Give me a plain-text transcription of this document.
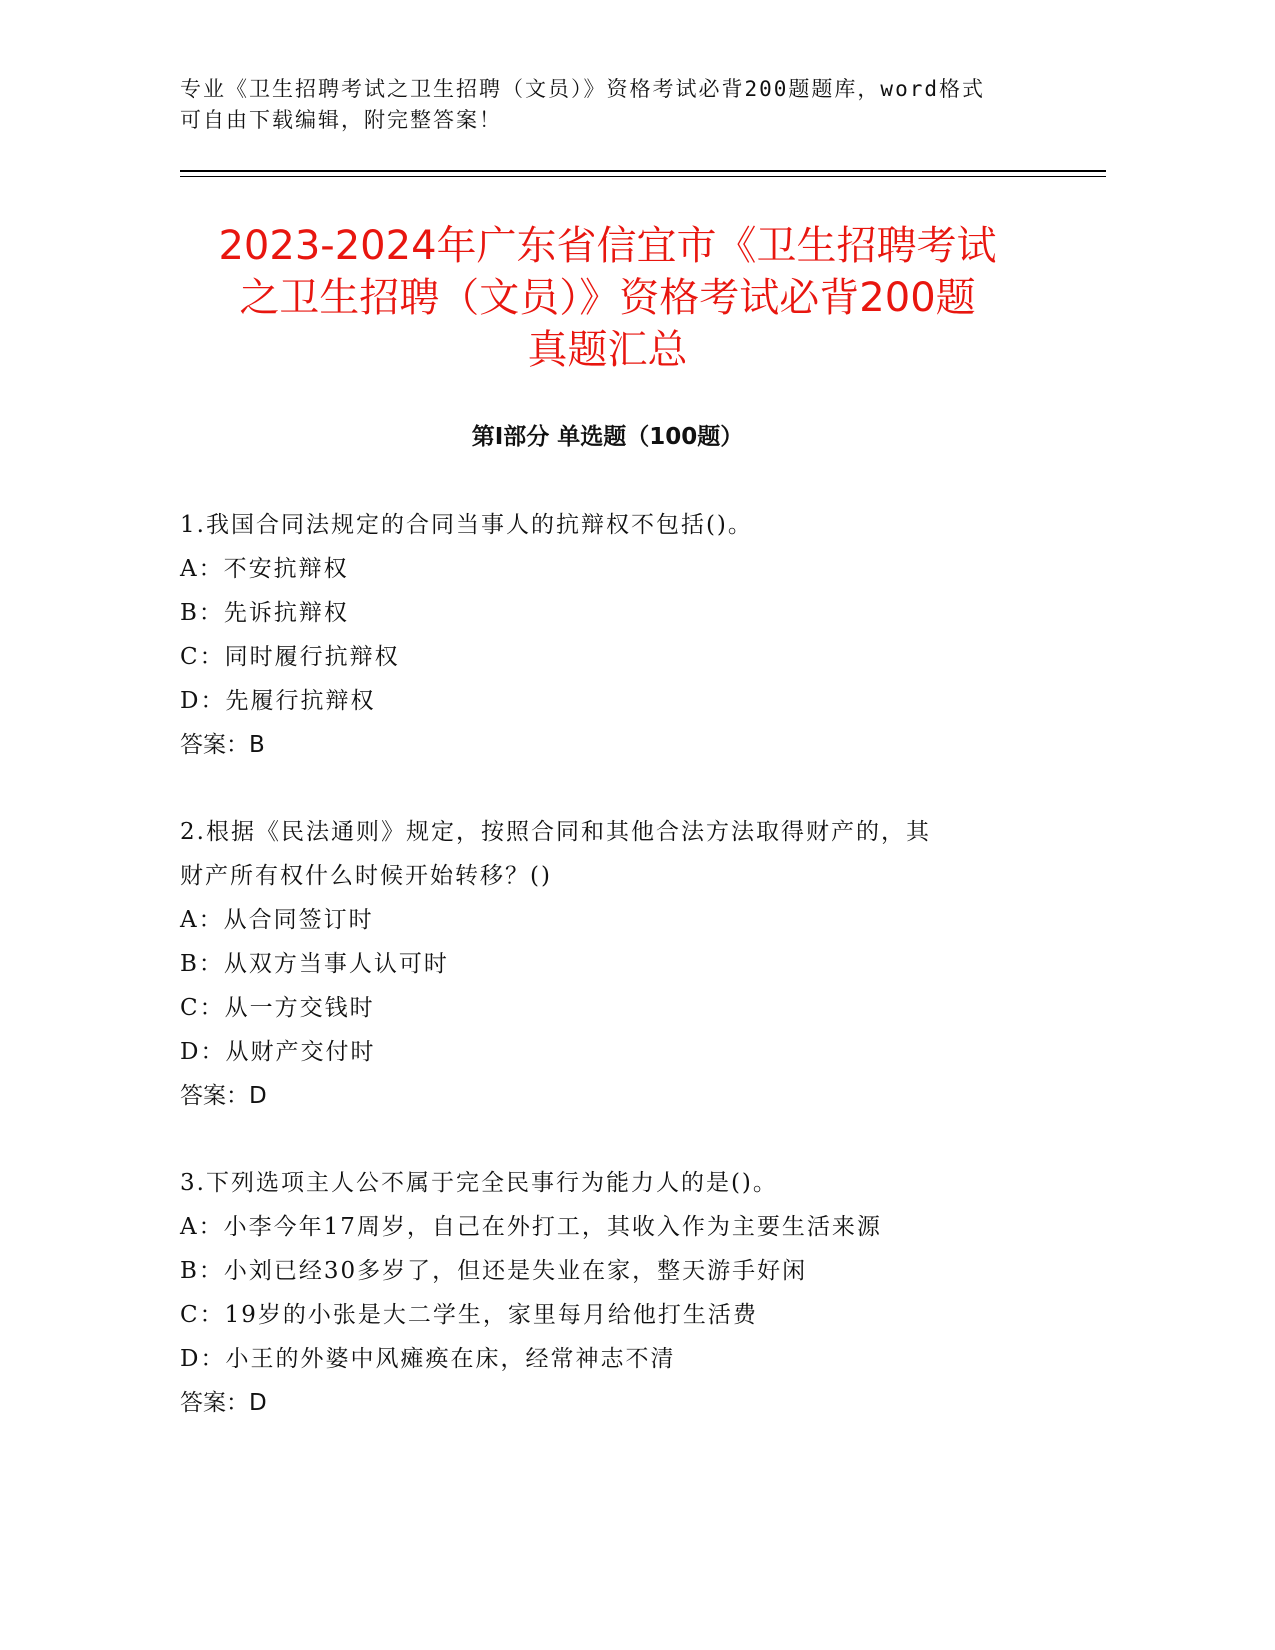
专业《卫生招聘考试之卫生招聘（文员）》资格考试必背200题题库，word格式

可自由下载编辑，附完整答案！

2023-2024年广东省信宜市《卫生招聘考试
之卫生招聘（文员）》资格考试必背200题
真题汇总
第Ⅰ部分 单选题（100题）
1.我国合同法规定的合同当事人的抗辩权不包括()。
A：不安抗辩权
B：先诉抗辩权
C：同时履行抗辩权
D：先履行抗辩权
答案：B
2.根据《民法通则》规定，按照合同和其他合法方法取得财产的，其
财产所有权什么时候开始转移？()
A：从合同签订时
B：从双方当事人认可时
C：从一方交钱时
D：从财产交付时
答案：D
3.下列选项主人公不属于完全民事行为能力人的是()。
A：小李今年17周岁，自己在外打工，其收入作为主要生活来源
B：小刘已经30多岁了，但还是失业在家，整天游手好闲
C：19岁的小张是大二学生，家里每月给他打生活费
D：小王的外婆中风瘫痪在床，经常神志不清
答案：D
